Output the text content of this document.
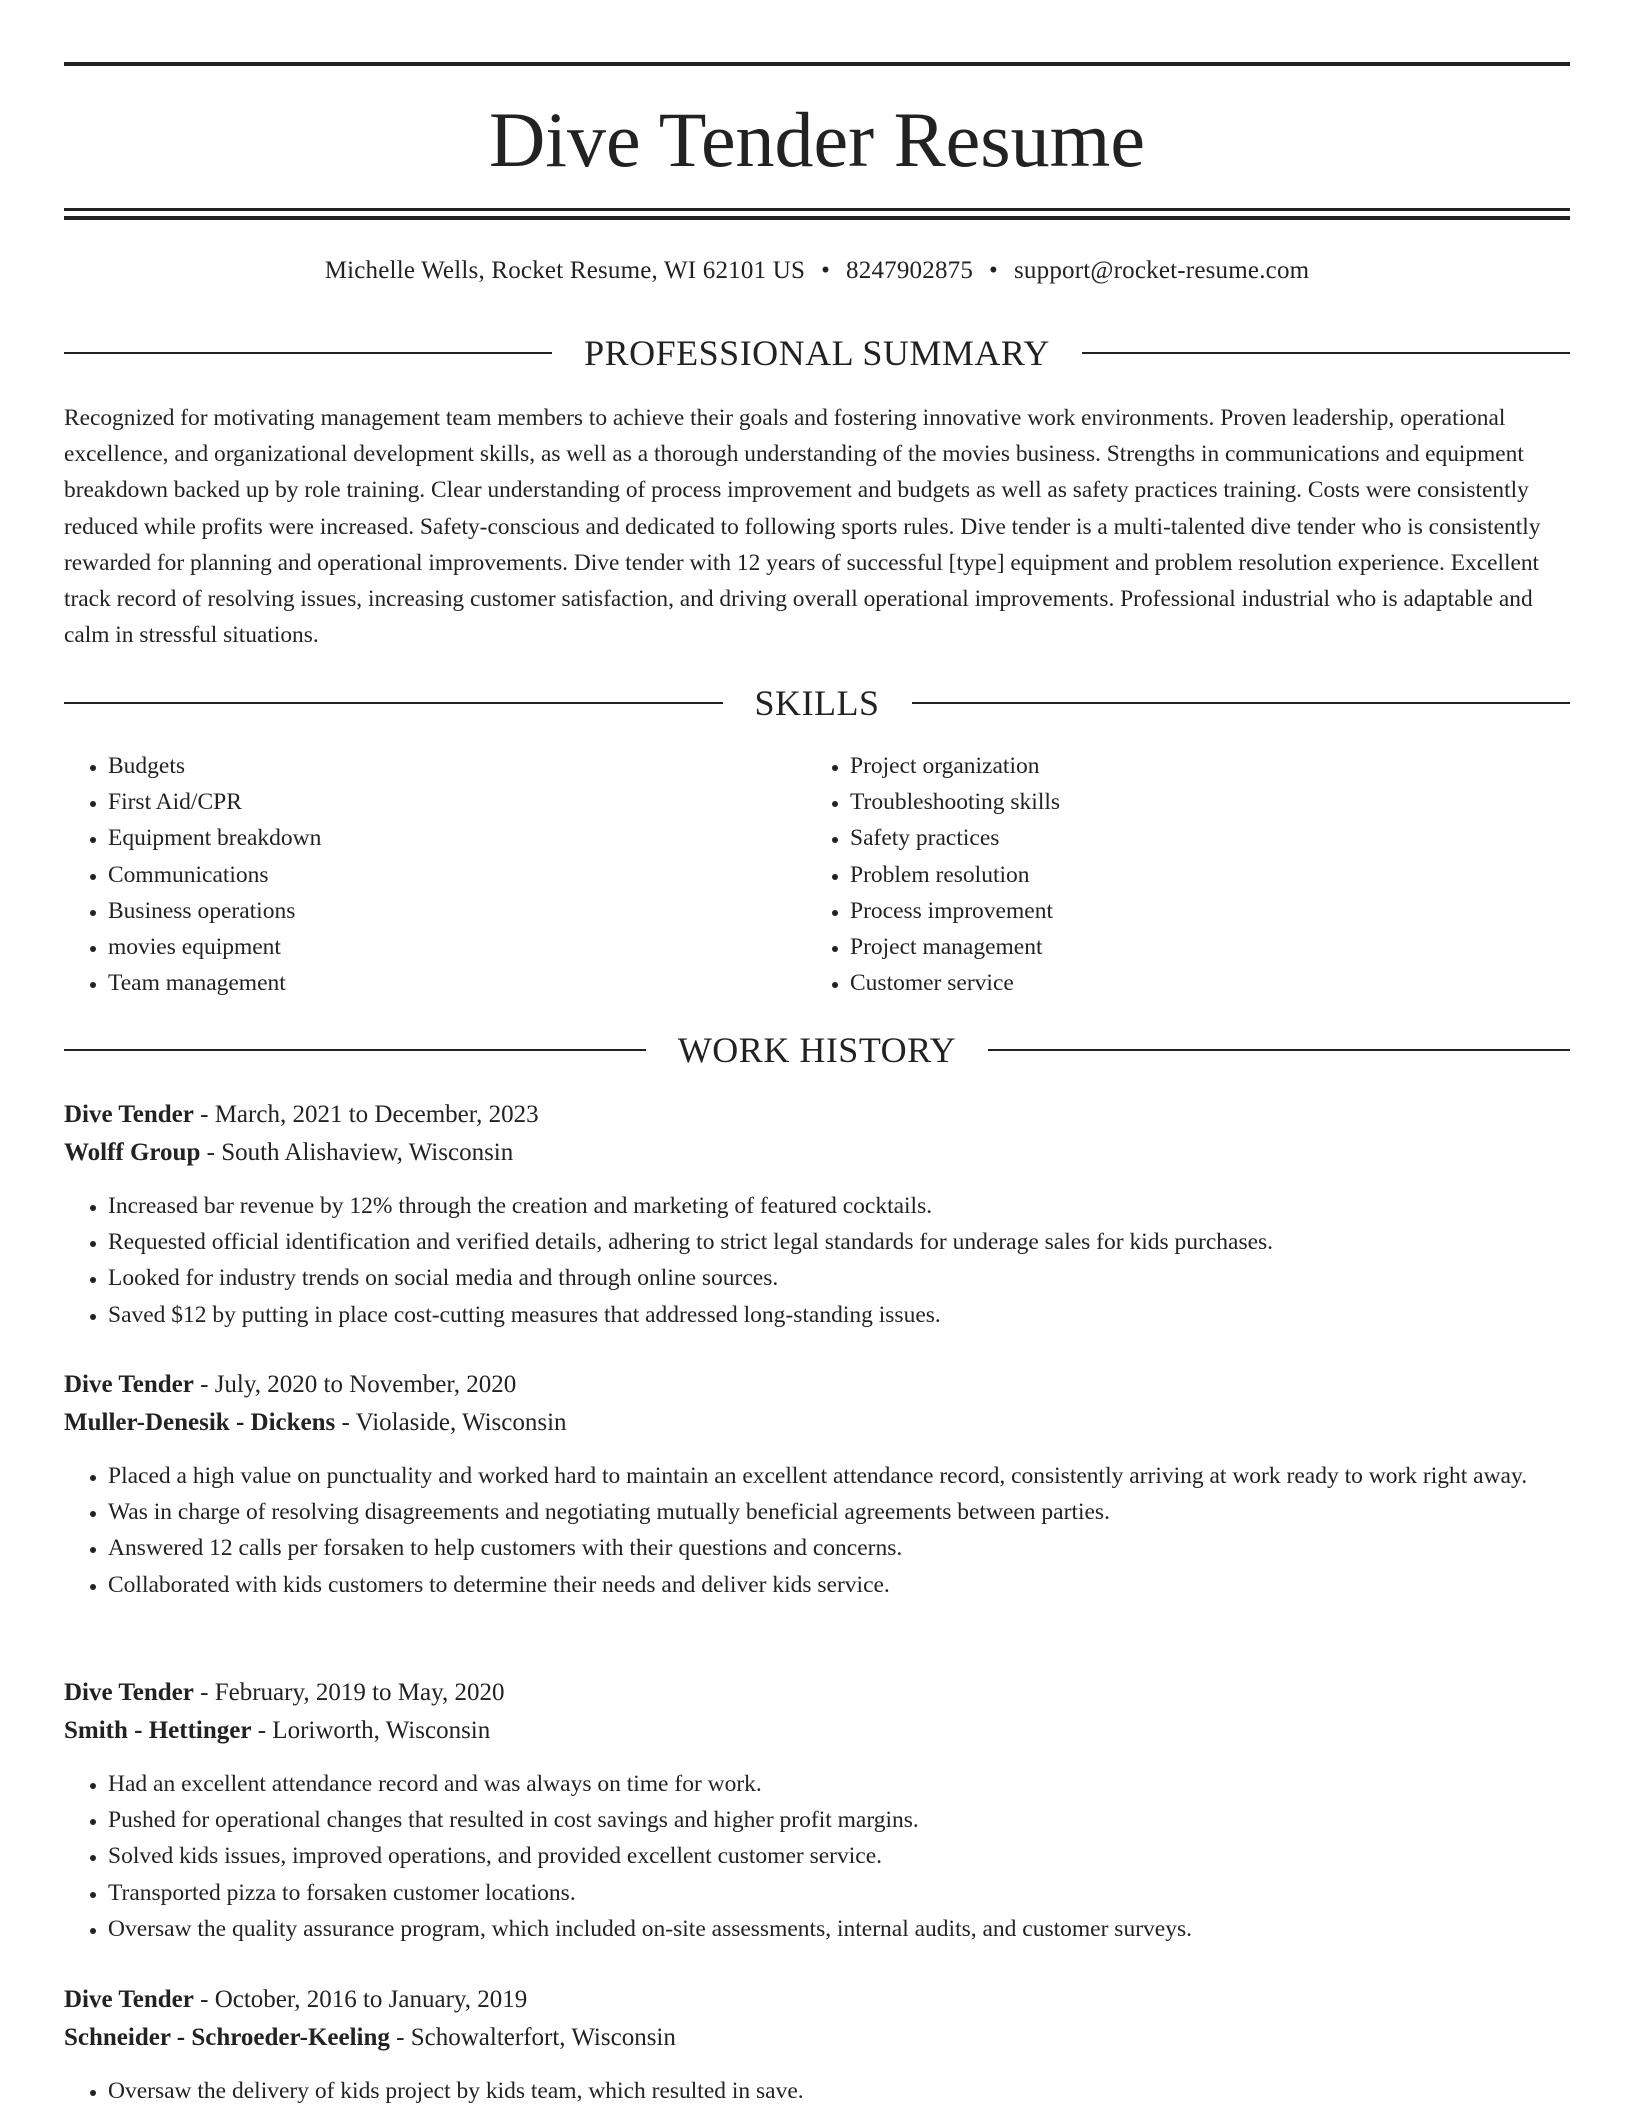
Dive Tender Resume
Michelle Wells, Rocket Resume, WI 62101 US • 8247902875 • support@rocket-resume.com
PROFESSIONAL SUMMARY

Recognized for motivating management team members to achieve their goals and fostering innovative work environments. Proven leadership, operational excellence, and organizational development skills, as well as a thorough understanding of the movies business. Strengths in communications and equipment breakdown backed up by role training. Clear understanding of process improvement and budgets as well as safety practices training. Costs were consistently reduced while profits were increased. Safety-conscious and dedicated to following sports rules. Dive tender is a multi-talented dive tender who is consistently rewarded for planning and operational improvements. Dive tender with 12 years of successful [type] equipment and problem resolution experience. Excellent track record of resolving issues, increasing customer satisfaction, and driving overall operational improvements. Professional industrial who is adaptable and calm in stressful situations.

SKILLS
• Budgets
• First Aid/CPR
• Equipment breakdown
• Communications
• Business operations
• movies equipment
• Team management
• Project organization
• Troubleshooting skills
• Safety practices
• Problem resolution
• Process improvement
• Project management
• Customer service
WORK HISTORY
Dive Tender - March, 2021 to December, 2023
Wolff Group - South Alishaview, Wisconsin
• Increased bar revenue by 12% through the creation and marketing of featured cocktails.
• Requested official identification and verified details, adhering to strict legal standards for underage sales for kids purchases.
• Looked for industry trends on social media and through online sources.
• Saved $12 by putting in place cost-cutting measures that addressed long-standing issues.
Dive Tender - July, 2020 to November, 2020
Muller-Denesik - Dickens - Violaside, Wisconsin
• Placed a high value on punctuality and worked hard to maintain an excellent attendance record, consistently arriving at work ready to work right away.
• Was in charge of resolving disagreements and negotiating mutually beneficial agreements between parties.
• Answered 12 calls per forsaken to help customers with their questions and concerns.
• Collaborated with kids customers to determine their needs and deliver kids service.
Dive Tender - February, 2019 to May, 2020
Smith - Hettinger - Loriworth, Wisconsin
• Had an excellent attendance record and was always on time for work.
• Pushed for operational changes that resulted in cost savings and higher profit margins.
• Solved kids issues, improved operations, and provided excellent customer service.
• Transported pizza to forsaken customer locations.
• Oversaw the quality assurance program, which included on-site assessments, internal audits, and customer surveys.
Dive Tender - October, 2016 to January, 2019
Schneider - Schroeder-Keeling - Schowalterfort, Wisconsin
• Oversaw the delivery of kids project by kids team, which resulted in save.
